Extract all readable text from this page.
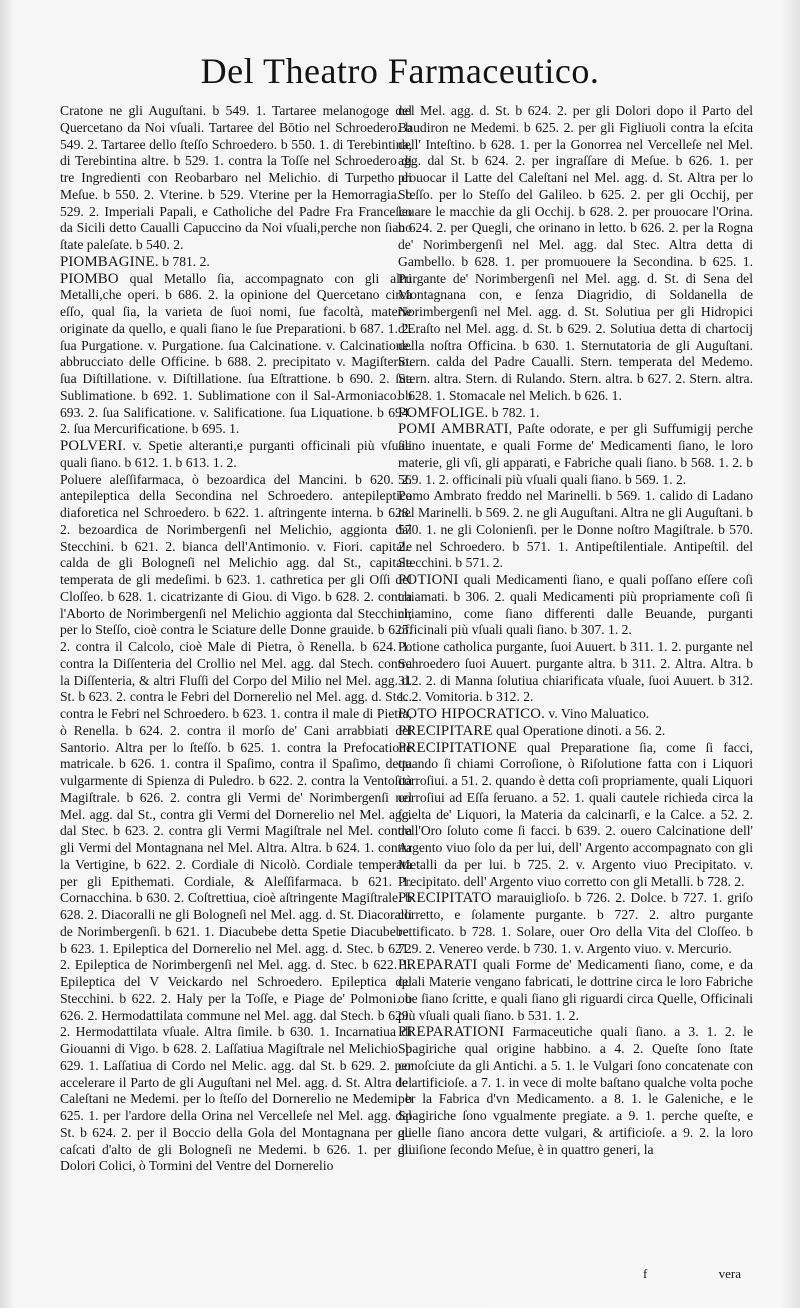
Del Theatro Farmaceutico.

Cratone ne gli Auguſtani. b 549. 1. Tartaree melanogoge del Quercetano da Noi vſuali. Tartaree del Bōtio nel Schroedero. b 549. 2. Tartaree dello ſteſſo Schroedero. b 550. 1. di Terebintina, di Terebintina altre. b 529. 1. contra la Toſſe nel Schroedero di tre Ingredienti con Reobarbaro nel Melichio. di Turpetho di Meſue. b 550. 2. Vterine. b 529. Vterine per la Hemorragia. b 529. 2. Imperiali Papali, e Catholiche del Padre Fra Franceſco da Sicili detto Caualli Capuccino da Noi vſuali,perche non ſiano ſtate paleſate. b 540. 2.

PIOMBAGINE. b 781. 2.

PIOMBO qual Metallo ſia, accompagnato con gli altri Metalli,che operi. b 686. 2. la opinione del Quercetano circa eſſo, qual ſia, la varieta de ſuoi nomi, ſue facoltà, materie originate da quello, e quali ſiano le ſue Preparationi. b 687. 1. 2. ſua Purgatione. v. Purgatione. ſua Calcinatione. v. Calcinatione. abbrucciato delle Officine. b 688. 2. precipitato v. Magiſterio. ſua Diſtillatione. v. Diſtillatione. ſua Eſtrattione. b 690. 2. ſua Sublimatione. b 692. 1. Sublimatione con il Sal-Armoniaco. b 693. 2. ſua Salificatione. v. Salificatione. ſua Liquatione. b 694. 2. ſua Mercurificatione. b 695. 1.

POLVERI. v. Spetie alteranti,e purganti officinali più vſuali quali ſiano. b 612. 1. b 613. 1. 2.

Poluere aleſſifarmaca, ò bezoardica del Mancini. b 620. 2. antepileptica della Secondina nel Schroedero. antepileptica diaforetica nel Schroedero. b 622. 1. aſtringente interna. b 628. 2. bezoardica de Norimbergenſi nel Melichio, aggionta dal Stecchini. b 621. 2. bianca dell'Antimonio. v. Fiori. capitale calda de gli Bologneſi nel Melichio agg. dal St., capitale temperata de gli medeſimi. b 623. 1. cathretica per gli Oſſi del Cloſſeo. b 628. 1. cicatrizante di Giou. di Vigo. b 628. 2. contra l'Aborto de Norimbergenſi nel Melichio aggionta dal Stecchini; per lo Steſſo, cioè contra le Sciature delle Donne grauide. b 625. 2. contra il Calcolo, cioè Male di Pietra, ò Renella. b 624. 1. contra la Diſſenteria del Crollio nel Mel. agg. dal Stech. contra la Diſſenteria, & altri Fluſſi del Corpo del Milio nel Mel. agg. d. St. b 623. 2. contra le Febri del Dornerelio nel Mel. agg. d. Stec. contra le Febri nel Schroedero. b 623. 1. contra il male di Pietra, ò Renella. b 624. 2. contra il morſo de' Cani arrabbiati del Santorio. Altra per lo ſteſſo. b 625. 1. contra la Prefocatione matricale. b 626. 1. contra il Spaſimo, contra il Spaſimo, detta vulgarmente di Spienza di Puledro. b 622. 2. contra la Ventoſità Magiſtrale. b 626. 2. contra gli Vermi de' Norimbergenſi nel Mel. agg. dal St., contra gli Vermi del Dornerelio nel Mel. agg. dal Stec. b 623. 2. contra gli Vermi Magiſtrale nel Mel. contra gli Vermi del Montagnana nel Mel. Altra. Altra. b 624. 1. contra la Vertigine, b 622. 2. Cordiale di Nicolò. Cordiale temperata per gli Epithemati. Cordiale, & Aleſſifarmaca. b 621. 1. Cornacchina. b 630. 2. Coſtrettiua, cioè aſtringente Magiſtrale. b 628. 2. Diacoralli ne gli Bologneſi nel Mel. agg. d. St. Diacoralli de Norimbergenſi. b 621. 1. Diacubebe detta Spetie Diacubebe. b 623. 1. Epileptica del Dornerelio nel Mel. agg. d. Stec. b 621. 2. Epileptica de Norimbergenſi nel Mel. agg. d. Stec. b 622. 1. Epileptica del V Veickardo nel Schroedero. Epileptica del Stecchini. b 622. 2. Haly per la Toſſe, e Piage de' Polmoni. b 626. 2. Hermodattilata commune nel Mel. agg. dal Stech. b 629. 2. Hermodattilata vſuale. Altra ſimile. b 630. 1. Incarnatiua di Giouanni di Vigo. b 628. 2. Laſſatiua Magiſtrale nel Melichio. b 629. 1. Laſſatiua di Cordo nel Melic. agg. dal St. b 629. 2. per accelerare il Parto de gli Auguſtani nel Mel. agg. d. St. Altra del Caleſtani ne Medemi. per lo ſteſſo del Dornerelio ne Medemi. b 625. 1. per l'ardore della Orina nel Vercelleſe nel Mel. agg. dal St. b 624. 2. per il Boccio della Gola del Montagnana per gli caſcati d'alto de gli Bologneſi ne Medemi. b 626. 1. per gli Dolori Colici, ò Tormini del Ventre del Dornerelio

nel Mel. agg. d. St. b 624. 2. per gli Dolori dopo il Parto del Baudiron ne Medemi. b 625. 2. per gli Figliuoli contra la eſcita dell' Inteſtino. b 628. 1. per la Gonorrea nel Vercelleſe nel Mel. agg. dal St. b 624. 2. per ingraſſare di Meſue. b 626. 1. per prouocar il Latte del Caleſtani nel Mel. agg. d. St. Altra per lo Steſſo. per lo Steſſo del Galileo. b 625. 2. per gli Occhij, per leuare le macchie da gli Occhij. b 628. 2. per prouocare l'Orina. b 624. 2. per Quegli, che orinano in letto. b 626. 2. per la Rogna de' Norimbergenſi nel Mel. agg. dal Stec. Altra detta di Gambello. b 628. 1. per promuouere la Secondina. b 625. 1. Purgante de' Norimbergenſi nel Mel. agg. d. St. di Sena del Montagnana con, e ſenza Diagridio, di Soldanella de Norimbergenſi nel Mel. agg. d. St. Solutiua per gli Hidropici d'Eraſto nel Mel. agg. d. St. b 629. 2. Solutiua detta di chartocij della noſtra Officina. b 630. 1. Sternutatoria de gli Auguſtani. Stern. calda del Padre Caualli. Stern. temperata del Medemo. Stern. altra. Stern. di Rulando. Stern. altra. b 627. 2. Stern. altra. b 628. 1. Stomacale nel Melich. b 626. 1.

POMFOLIGE. b 782. 1.

POMI AMBRATI, Paſte odorate, e per gli Suffumigij perche ſiano inuentate, e quali Forme de' Medicamenti ſiano, le loro materie, gli vſi, gli apparati, e Fabriche quali ſiano. b 568. 1. 2. b 569. 1. 2. officinali più vſuali quali ſiano. b 569. 1. 2.

Pomo Ambrato freddo nel Marinelli. b 569. 1. calido di Ladano nel Marinelli. b 569. 2. ne gli Auguſtani. Altra ne gli Auguſtani. b 570. 1. ne gli Colonienſi. per le Donne noſtro Magiſtrale. b 570. 2. nel Schroedero. b 571. 1. Antipeſtilentiale. Antipeſtil. del Stecchini. b 571. 2.

POTIONI quali Medicamenti ſiano, e quali poſſano eſſere coſi chiamati. b 306. 2. quali Medicamenti più propriamente coſi ſi chiamino, come ſiano differenti dalle Beuande, purganti officinali più vſuali quali ſiano. b 307. 1. 2.

Potione catholica purgante, ſuoi Auuert. b 311. 1. 2. purgante nel Schroedero ſuoi Auuert. purgante altra. b 311. 2. Altra. Altra. b 312. 2. di Manna ſolutiua chiarificata vſuale, ſuoi Auuert. b 312. 1. 2. Vomitoria. b 312. 2.

POTO HIPOCRATICO. v. Vino Maluatico.

PRECIPITARE qual Operatione dinoti. a 56. 2.

PRECIPITATIONE qual Preparatione ſia, come ſi facci, quando ſi chiami Corroſione, ò Riſolutione fatta con i Liquori corroſiui. a 51. 2. quando è detta coſi propriamente, quali Liquori corroſiui ad Eſſa ſeruano. a 52. 1. quali cautele richieda circa la ſcielta de' Liquori, la Materia da calcinarſi, e la Calce. a 52. 2. dell'Oro ſoluto come ſi facci. b 639. 2. ouero Calcinatione dell' Argento viuo ſolo da per lui, dell' Argento accompagnato con gli Metalli da per lui. b 725. 2. v. Argento viuo Precipitato. v. Precipitato. dell' Argento viuo corretto con gli Metalli. b 728. 2.

PRECIPITATO marauiglioſo. b 726. 2. Dolce. b 727. 1. griſo corretto, e ſolamente purgante. b 727. 2. altro purgante rettificato. b 728. 1. Solare, ouer Oro della Vita del Cloſſeo. b 729. 2. Venereo verde. b 730. 1. v. Argento viuo. v. Mercurio.

PREPARATI quali Forme de' Medicamenti ſiano, come, e da quali Materie vengano fabricati, le dottrine circa le loro Fabriche oue ſiano ſcritte, e quali ſiano gli riguardi circa Quelle, Officinali più vſuali quali ſiano. b 531. 1. 2.

PREPARATIONI Farmaceutiche quali ſiano. a 3. 1. 2. le Spagiriche qual origine habbino. a 4. 2. Queſte ſono ſtate conoſciute da gli Antichi. a 5. 1. le Vulgari ſono concatenate con le artificioſe. a 7. 1. in vece di molte baſtano qualche volta poche per la Fabrica d'vn Medicamento. a 8. 1. le Galeniche, e le Spagiriche ſono vgualmente pregiate. a 9. 1. perche queſte, e quelle ſiano ancora dette vulgari, & artificioſe. a 9. 2. la loro diuiſione ſecondo Meſue, è in quattro generi, la

f	vera
